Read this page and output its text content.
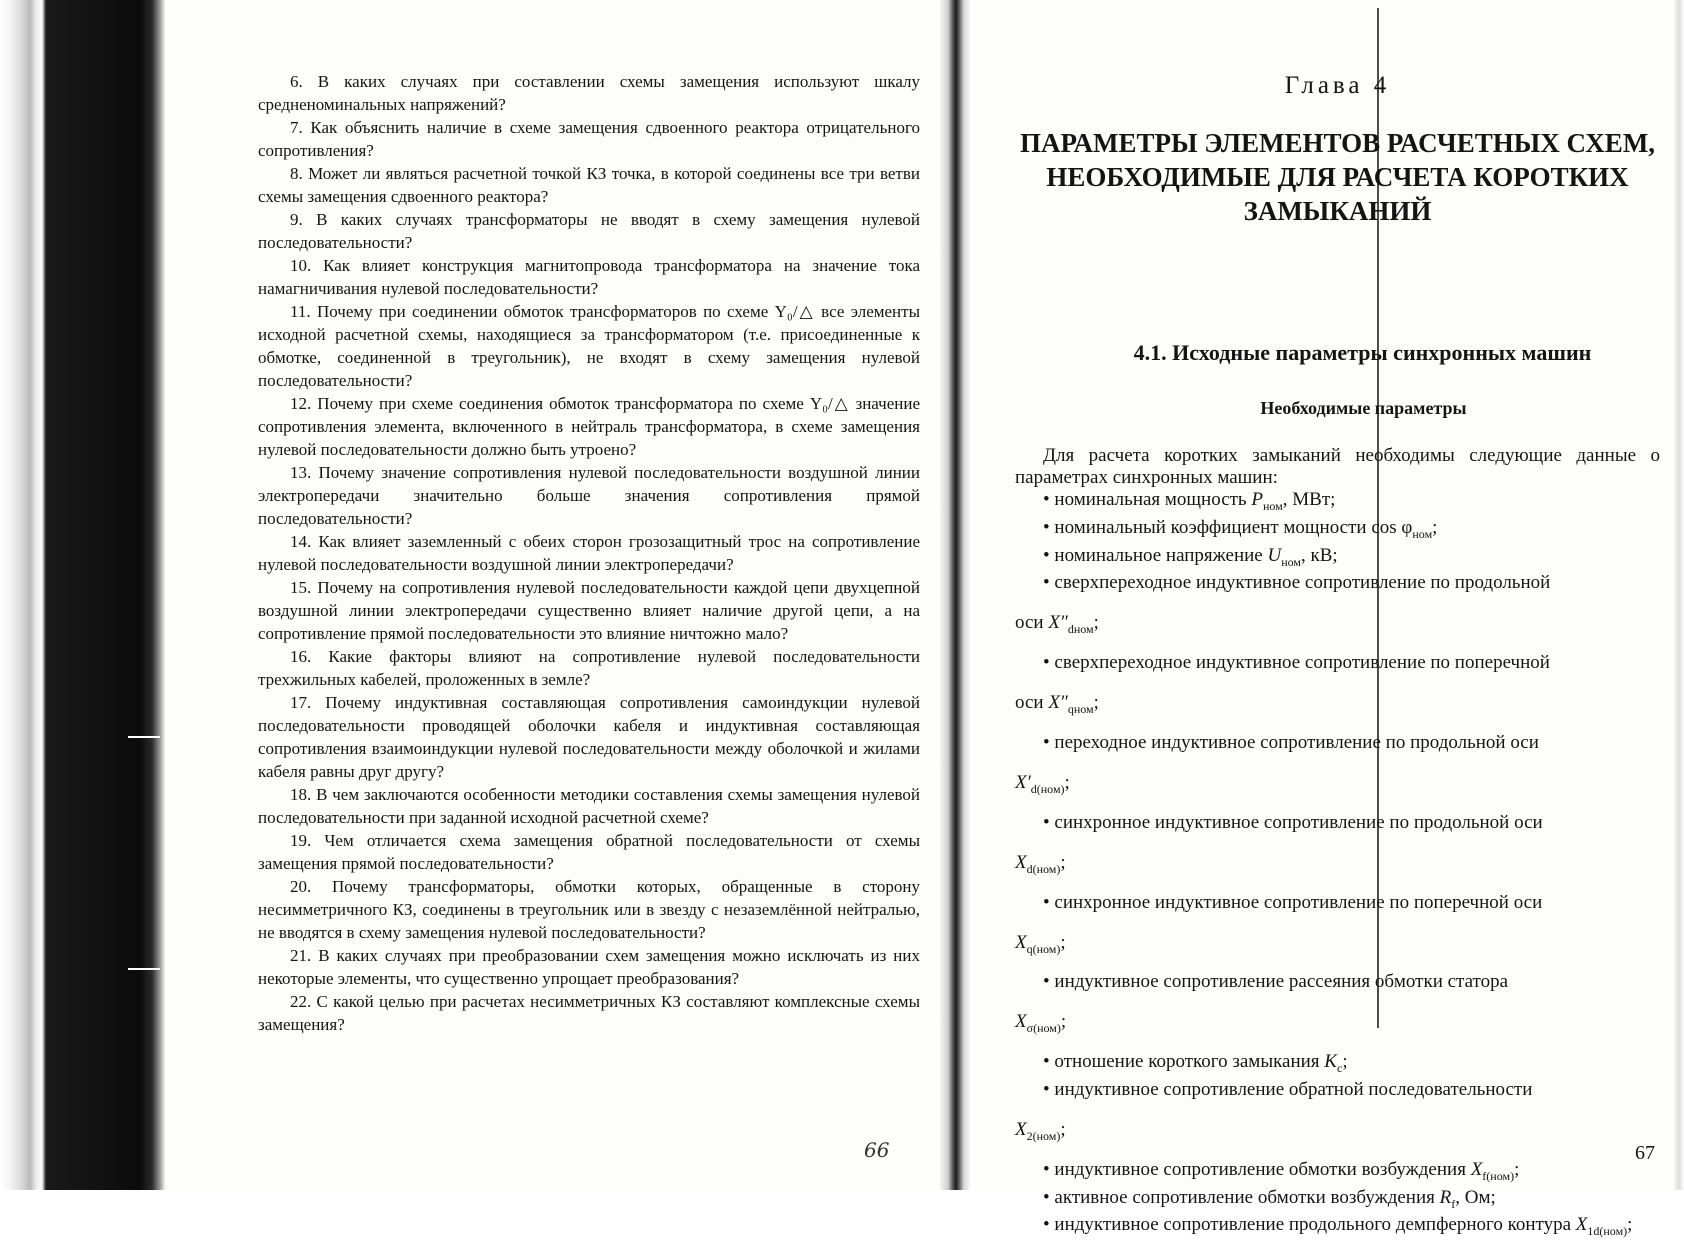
6. В каких случаях при составлении схемы замещения используют шкалу средненоминальных напряжений?

7. Как объяснить наличие в схеме замещения сдвоенного реактора отрицательного сопротивления?

8. Может ли являться расчетной точкой КЗ точка, в которой соединены все три ветви схемы замещения сдвоенного реактора?

9. В каких случаях трансформаторы не вводят в схему замещения нулевой последовательности?

10. Как влияет конструкция магнитопровода трансформатора на значение тока намагничивания нулевой последовательности?

11. Почему при соединении обмоток трансформаторов по схеме Υ₀/△ все элементы исходной расчетной схемы, находящиеся за трансформатором (т.е. присоединенные к обмотке, соединенной в треугольник), не входят в схему замещения нулевой последовательности?

12. Почему при схеме соединения обмоток трансформатора по схеме Υ₀/△ значение сопротивления элемента, включенного в нейтраль трансформатора, в схеме замещения нулевой последовательности должно быть утроено?

13. Почему значение сопротивления нулевой последовательности воздушной линии электропередачи значительно больше значения сопротивления прямой последовательности?

14. Как влияет заземленный с обеих сторон грозозащитный трос на сопротивление нулевой последовательности воздушной линии электропередачи?

15. Почему на сопротивления нулевой последовательности каждой цепи двухцепной воздушной линии электропередачи существенно влияет наличие другой цепи, а на сопротивление прямой последовательности это влияние ничтожно мало?

16. Какие факторы влияют на сопротивление нулевой последовательности трехжильных кабелей, проложенных в земле?

17. Почему индуктивная составляющая сопротивления самоиндукции нулевой последовательности проводящей оболочки кабеля и индуктивная составляющая сопротивления взаимоиндукции нулевой последовательности между оболочкой и жилами кабеля равны друг другу?

18. В чем заключаются особенности методики составления схемы замещения нулевой последовательности при заданной исходной расчетной схеме?

19. Чем отличается схема замещения обратной последовательности от схемы замещения прямой последовательности?

20. Почему трансформаторы, обмотки которых, обращенные в сторону несимметричного КЗ, соединены в треугольник или в звезду с незаземлённой нейтралью, не вводятся в схему замещения нулевой последовательности?

21. В каких случаях при преобразовании схем замещения можно исключать из них некоторые элементы, что существенно упрощает преобразования?

22. С какой целью при расчетах несимметричных КЗ составляют комплексные схемы замещения?

66
Глава 4
ПАРАМЕТРЫ ЭЛЕМЕНТОВ РАСЧЕТНЫХ СХЕМ, НЕОБХОДИМЫЕ ДЛЯ РАСЧЕТА КОРОТКИХ ЗАМЫКАНИЙ
4.1. Исходные параметры синхронных машин
Необходимые параметры

Для расчета коротких замыканий необходимы следующие данные о параметрах синхронных машин:

• номинальная мощность $P_{ном}$, МВт;

• номинальный коэффициент мощности $\cos \varphi_{ном}$;

• номинальное напряжение $U_{ном}$, кВ;

• сверхпереходное индуктивное сопротивление по продольной

оси $X''_{dном}$;

• сверхпереходное индуктивное сопротивление по поперечной

оси $X''_{qном}$;

• переходное индуктивное сопротивление по продольной оси

$X'_{d(ном)}$;

• синхронное индуктивное сопротивление по продольной оси

$X_{d(ном)}$;

• синхронное индуктивное сопротивление по поперечной оси

$X_{q(ном)}$;

• индуктивное сопротивление рассеяния обмотки статора

$X_{\sigma(ном)}$;

• отношение короткого замыкания $K_c$;

• индуктивное сопротивление обратной последовательности

$X_{2(ном)}$;

• индуктивное сопротивление обмотки возбуждения $X_{f(ном)}$;

• активное сопротивление обмотки возбуждения $R_f$, Ом;

• индуктивное сопротивление продольного демпферного контура $X_{1d(ном)}$;

67
